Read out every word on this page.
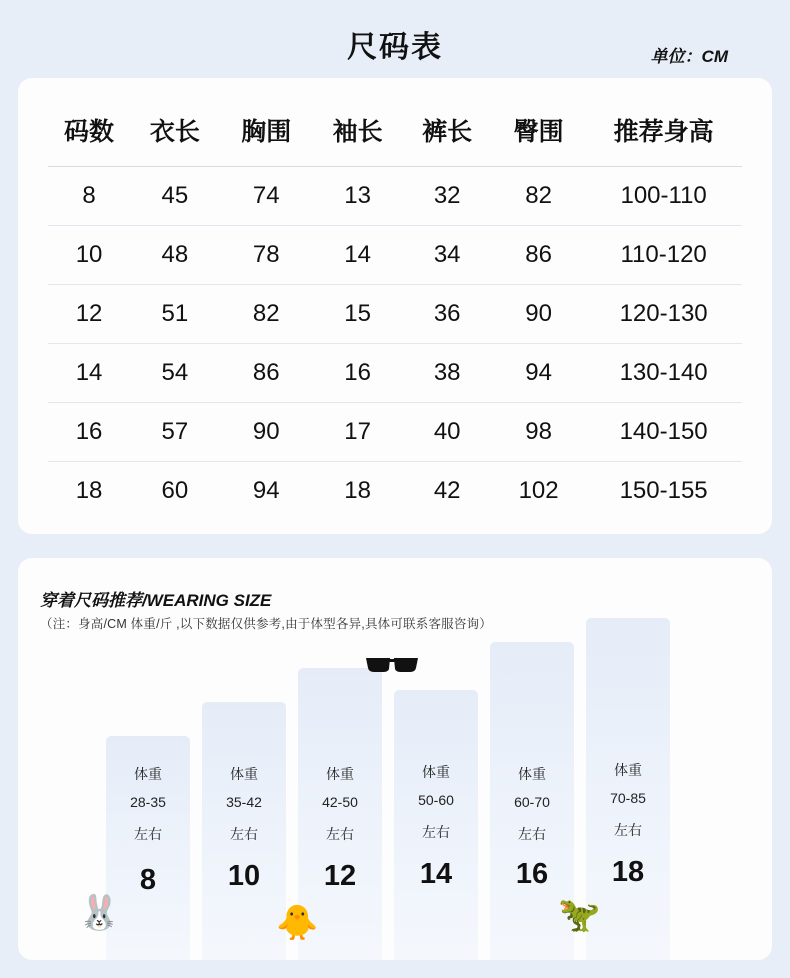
尺码表	单位：CM
码数	衣长	胸围	袖长	裤长	臀围	推荐身高
8	45	74	13	32	82	100-110
10	48	78	14	34	86	110-120
12	51	82	15	36	90	120-130
14	54	86	16	38	94	130-140
16	57	90	17	40	98	140-150
18	60	94	18	42	102	150-155
穿着尺码推荐/WEARING SIZE
（注：身高/CM 体重/斤 ,以下数据仅供参考,由于体型各异,具体可联系客服咨询）
体重
28-35
左右
8
体重
35-42
左右
10
体重
42-50
左右
12
体重
50-60
左右
14
体重
60-70
左右
16
体重
70-85
左右
18
🐰	🐥	🦖
